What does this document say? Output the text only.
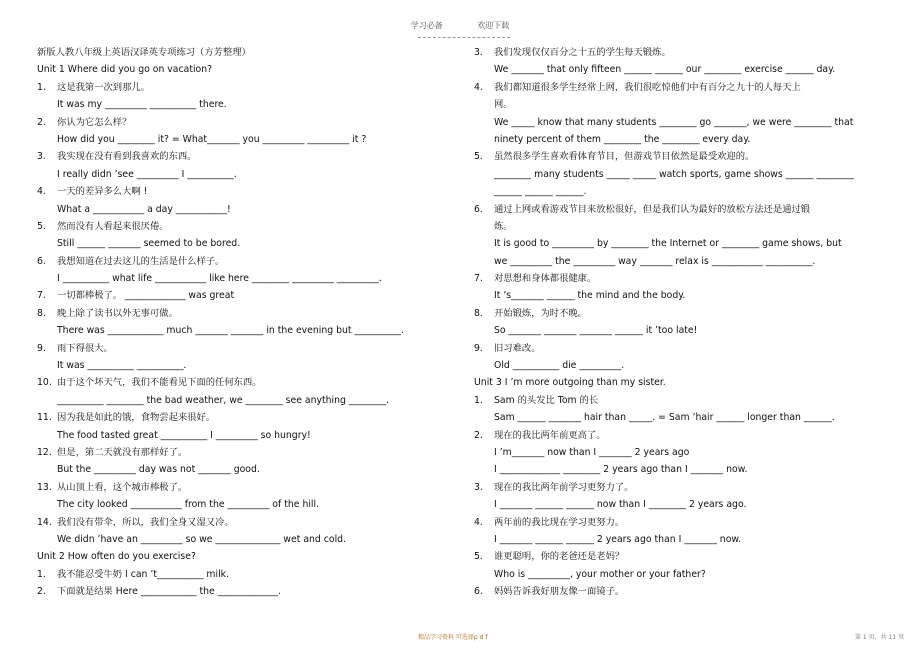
学习必备	欢迎下载
新版人教八年级上英语汉译英专项练习（方芳整理）
Unit 1 Where did you go on vacation?
1. 这是我第一次到那儿。
It was my _________ __________ there.
2. 你认为它怎么样？
How did you ________ it? = What_______ you _________ _________ it ?
3. 我实现在没有看到我喜欢的东西。
I really didn ’see _________ I __________.
4. 一天的差异多么大啊 !
What a ___________ a day ___________!
5. 然而没有人看起来很厌倦。
Still ______ _______ seemed to be bored.
6. 我想知道在过去这儿的生活是什么样子。
I __________ what life ___________ like here ________ _________ _________.
7. 一切都棒极了。 _____________ was great
8. 晚上除了读书以外无事可做。
There was ____________ much _______ _______ in the evening but __________.
9. 雨下得很大。
It was __________ __________.
10. 由于这个坏天气，我们不能看见下面的任何东西。
__________ ________ the bad weather, we ________ see anything ________.
11. 因为我是如此的饿，食物尝起来很好。
The food tasted great __________ I _________ so hungry!
12. 但是，第二天就没有那样好了。
But the _________ day was not _______ good.
13. 从山顶上看，这个城市棒极了。
The city looked ___________ from the _________ of the hill.
14. 我们没有带伞，所以，我们全身又湿又冷。
We didn ’have an _________ so we ______________ wet and cold.
Unit 2 How often do you exercise?
1. 我不能忍受牛奶 I can ’t__________ milk.
2. 下面就是结果 Here ____________ the _____________.
3. 我们发现仅仅百分之十五的学生每天锻炼。
We _______ that only fifteen ______ ______ our ________ exercise ______ day.
4. 我们都知道很多学生经常上网，我们很吃惊他们中有百分之九十的人每天上
网。
We _____ know that many students ________ go _______, we were ________ that
ninety percent of them ________ the ________ every day.
5. 虽然很多学生喜欢看体育节目，但游戏节目依然是最受欢迎的。
________ many students _____ _____ watch sports, game shows ______ ________
______ ______ ______.
6. 通过上网或看游戏节目来放松很好，但是我们认为最好的放松方法还是通过锻
炼。
It is good to _________ by ________ the Internet or ________ game shows, but
we _________ the _________ way _______ relax is ___________ __________.
7. 对思想和身体都很健康。
It ’s_______ ______ the mind and the body.
8. 开始锻炼，为时不晚。
So _______ _______ _______ ______ it ’too late!
9. 旧习难改。
Old __________ die _________.
Unit 3 I ’m more outgoing than my sister.
1. Sam 的头发比 Tom 的长
Sam ______ _______ hair than _____. = Sam ’hair ______ longer than ______.
2. 现在的我比两年前更高了。
I ’m_______ now than I _______ 2 years ago
I _____________ ________ 2 years ago than I _______ now.
3. 现在的我比两年前学习更努力了。
I _______ ______ ______ now than I ________ 2 years ago.
4. 两年前的我比现在学习更努力。
I _______ ______ ______ 2 years ago than I _______ now.
5. 谁更聪明，你的老爸还是老妈？
Who is _________, your mother or your father?
6. 妈妈告诉我好朋友像一面镜子。
精品学习资料 可选择p d f	第 1 页，共 11 页
